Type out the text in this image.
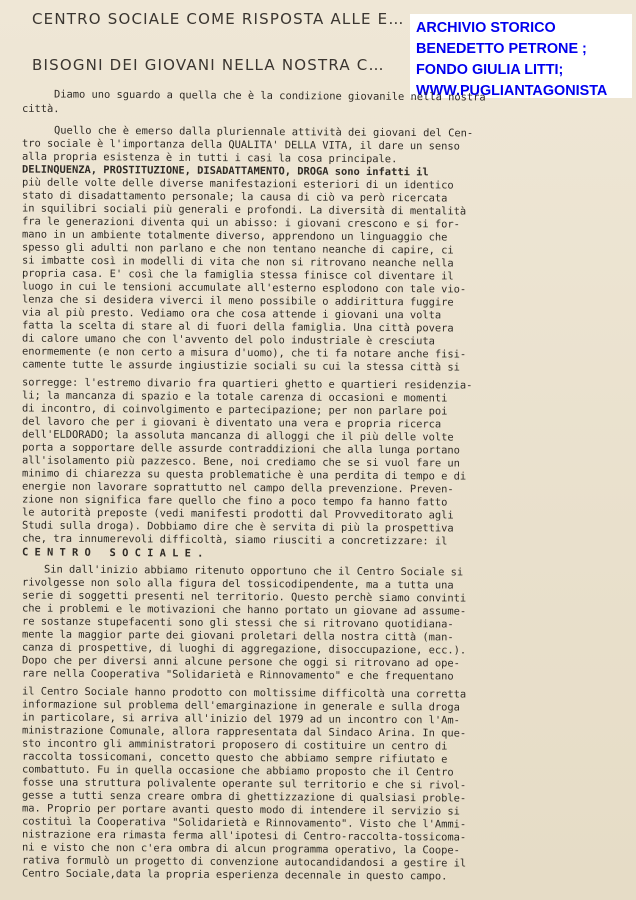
CENTRO SOCIALE COME RISPOSTA ALLE E…
BISOGNI DEI GIOVANI NELLA NOSTRA C…
ARCHIVIO STORICO
BENEDETTO PETRONE ;
FONDO GIULIA LITTI;
WWW.PUGLIANTAGONISTA
Diamo uno sguardo a quella che è la condizione giovanile nella nostra
città.
Quello che è emerso dalla pluriennale attività dei giovani del Cen-
tro sociale è l'importanza della QUALITA' DELLA VITA, il dare un senso
alla propria esistenza è in tutti i casi la cosa principale.
DELINQUENZA, PROSTITUZIONE, DISADATTAMENTO, DROGA sono infatti il
più delle volte delle diverse manifestazioni esteriori di un identico
stato di disadattamento personale; la causa di ciò va però ricercata
in squilibri sociali più generali e profondi. La diversità di mentalità
fra le generazioni diventa qui un abisso: i giovani crescono e si for-
mano in un ambiente totalmente diverso, apprendono un linguaggio che
spesso gli adulti non parlano e che non tentano neanche di capire, ci
si imbatte così in modelli di vita che non si ritrovano neanche nella
propria casa. E' così che la famiglia stessa finisce col diventare il
luogo in cui le tensioni accumulate all'esterno esplodono con tale vio-
lenza che si desidera viverci il meno possibile o addirittura fuggire
via al più presto. Vediamo ora che cosa attende i giovani una volta
fatta la scelta di stare al di fuori della famiglia. Una città povera
di calore umano che con l'avvento del polo industriale è cresciuta
enormemente (e non certo a misura d'uomo), che ti fa notare anche fisi-
camente tutte le assurde ingiustizie sociali su cui la stessa città si
sorregge: l'estremo divario fra quartieri ghetto e quartieri residenzia-
li; la mancanza di spazio e la totale carenza di occasioni e momenti
di incontro, di coinvolgimento e partecipazione; per non parlare poi
del lavoro che per i giovani è diventato una vera e propria ricerca
dell'ELDORADO; la assoluta mancanza di alloggi che il più delle volte
porta a sopportare delle assurde contraddizioni che alla lunga portano
all'isolamento più pazzesco. Bene, noi crediamo che se si vuol fare un
minimo di chiarezza su questa problematiche è una perdita di tempo e di
energie non lavorare soprattutto nel campo della prevenzione. Preven-
zione non significa fare quello che fino a poco tempo fa hanno fatto
le autorità preposte (vedi manifesti prodotti dal Provveditorato agli
Studi sulla droga). Dobbiamo dire che è servita di più la prospettiva
che, tra innumerevoli difficoltà, siamo riusciti a concretizzare: il
C E N T R O   S O C I A L E .
Sin dall'inizio abbiamo ritenuto opportuno che il Centro Sociale si
rivolgesse non solo alla figura del tossicodipendente, ma a tutta una
serie di soggetti presenti nel territorio. Questo perchè siamo convinti
che i problemi e le motivazioni che hanno portato un giovane ad assume-
re sostanze stupefacenti sono gli stessi che si ritrovano quotidiana-
mente la maggior parte dei giovani proletari della nostra città (man-
canza di prospettive, di luoghi di aggregazione, disoccupazione, ecc.).
Dopo che per diversi anni alcune persone che oggi si ritrovano ad ope-
rare nella Cooperativa "Solidarietà e Rinnovamento" e che frequentano
il Centro Sociale hanno prodotto con moltissime difficoltà una corretta
informazione sul problema dell'emarginazione in generale e sulla droga
in particolare, si arriva all'inizio del 1979 ad un incontro con l'Am-
ministrazione Comunale, allora rappresentata dal Sindaco Arina. In que-
sto incontro gli amministratori proposero di costituire un centro di
raccolta tossicomani, concetto questo che abbiamo sempre rifiutato e
combattuto. Fu in quella occasione che abbiamo proposto che il Centro
fosse una struttura polivalente operante sul territorio e che si rivol-
gesse a tutti senza creare ombra di ghettizzazione di qualsiasi proble-
ma. Proprio per portare avanti questo modo di intendere il servizio si
costituì la Cooperativa "Solidarietà e Rinnovamento". Visto che l'Ammi-
nistrazione era rimasta ferma all'ipotesi di Centro-raccolta-tossicoma-
ni e visto che non c'era ombra di alcun programma operativo, la Coope-
rativa formulò un progetto di convenzione autocandidandosi a gestire il
Centro Sociale,data la propria esperienza decennale in questo campo.
